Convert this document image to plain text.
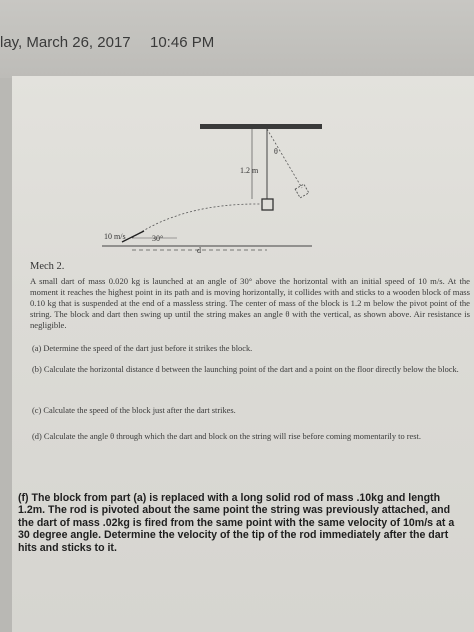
lay, March 26, 2017 10:46 PM
1.2 m
θ
10 m/s	30°
d
Mech 2.
A small dart of mass 0.020 kg is launched at an angle of 30° above the horizontal with an initial speed of 10 m/s. At the moment it reaches the highest point in its path and is moving horizontally, it collides with and sticks to a wooden block of mass 0.10 kg that is suspended at the end of a massless string. The center of mass of the block is 1.2 m below the pivot point of the string. The block and dart then swing up until the string makes an angle θ with the vertical, as shown above. Air resistance is negligible.
(a) Determine the speed of the dart just before it strikes the block.
(b) Calculate the horizontal distance d between the launching point of the dart and a point on the floor directly below the block.
(c) Calculate the speed of the block just after the dart strikes.
(d) Calculate the angle θ through which the dart and block on the string will rise before coming momentarily to rest.
(f) The block from part (a) is replaced with a long solid rod of mass .10kg and length 1.2m. The rod is pivoted about the same point the string was previously attached, and the dart of mass .02kg is fired from the same point with the same velocity of 10m/s at a 30 degree angle. Determine the velocity of the tip of the rod immediately after the dart hits and sticks to it.
